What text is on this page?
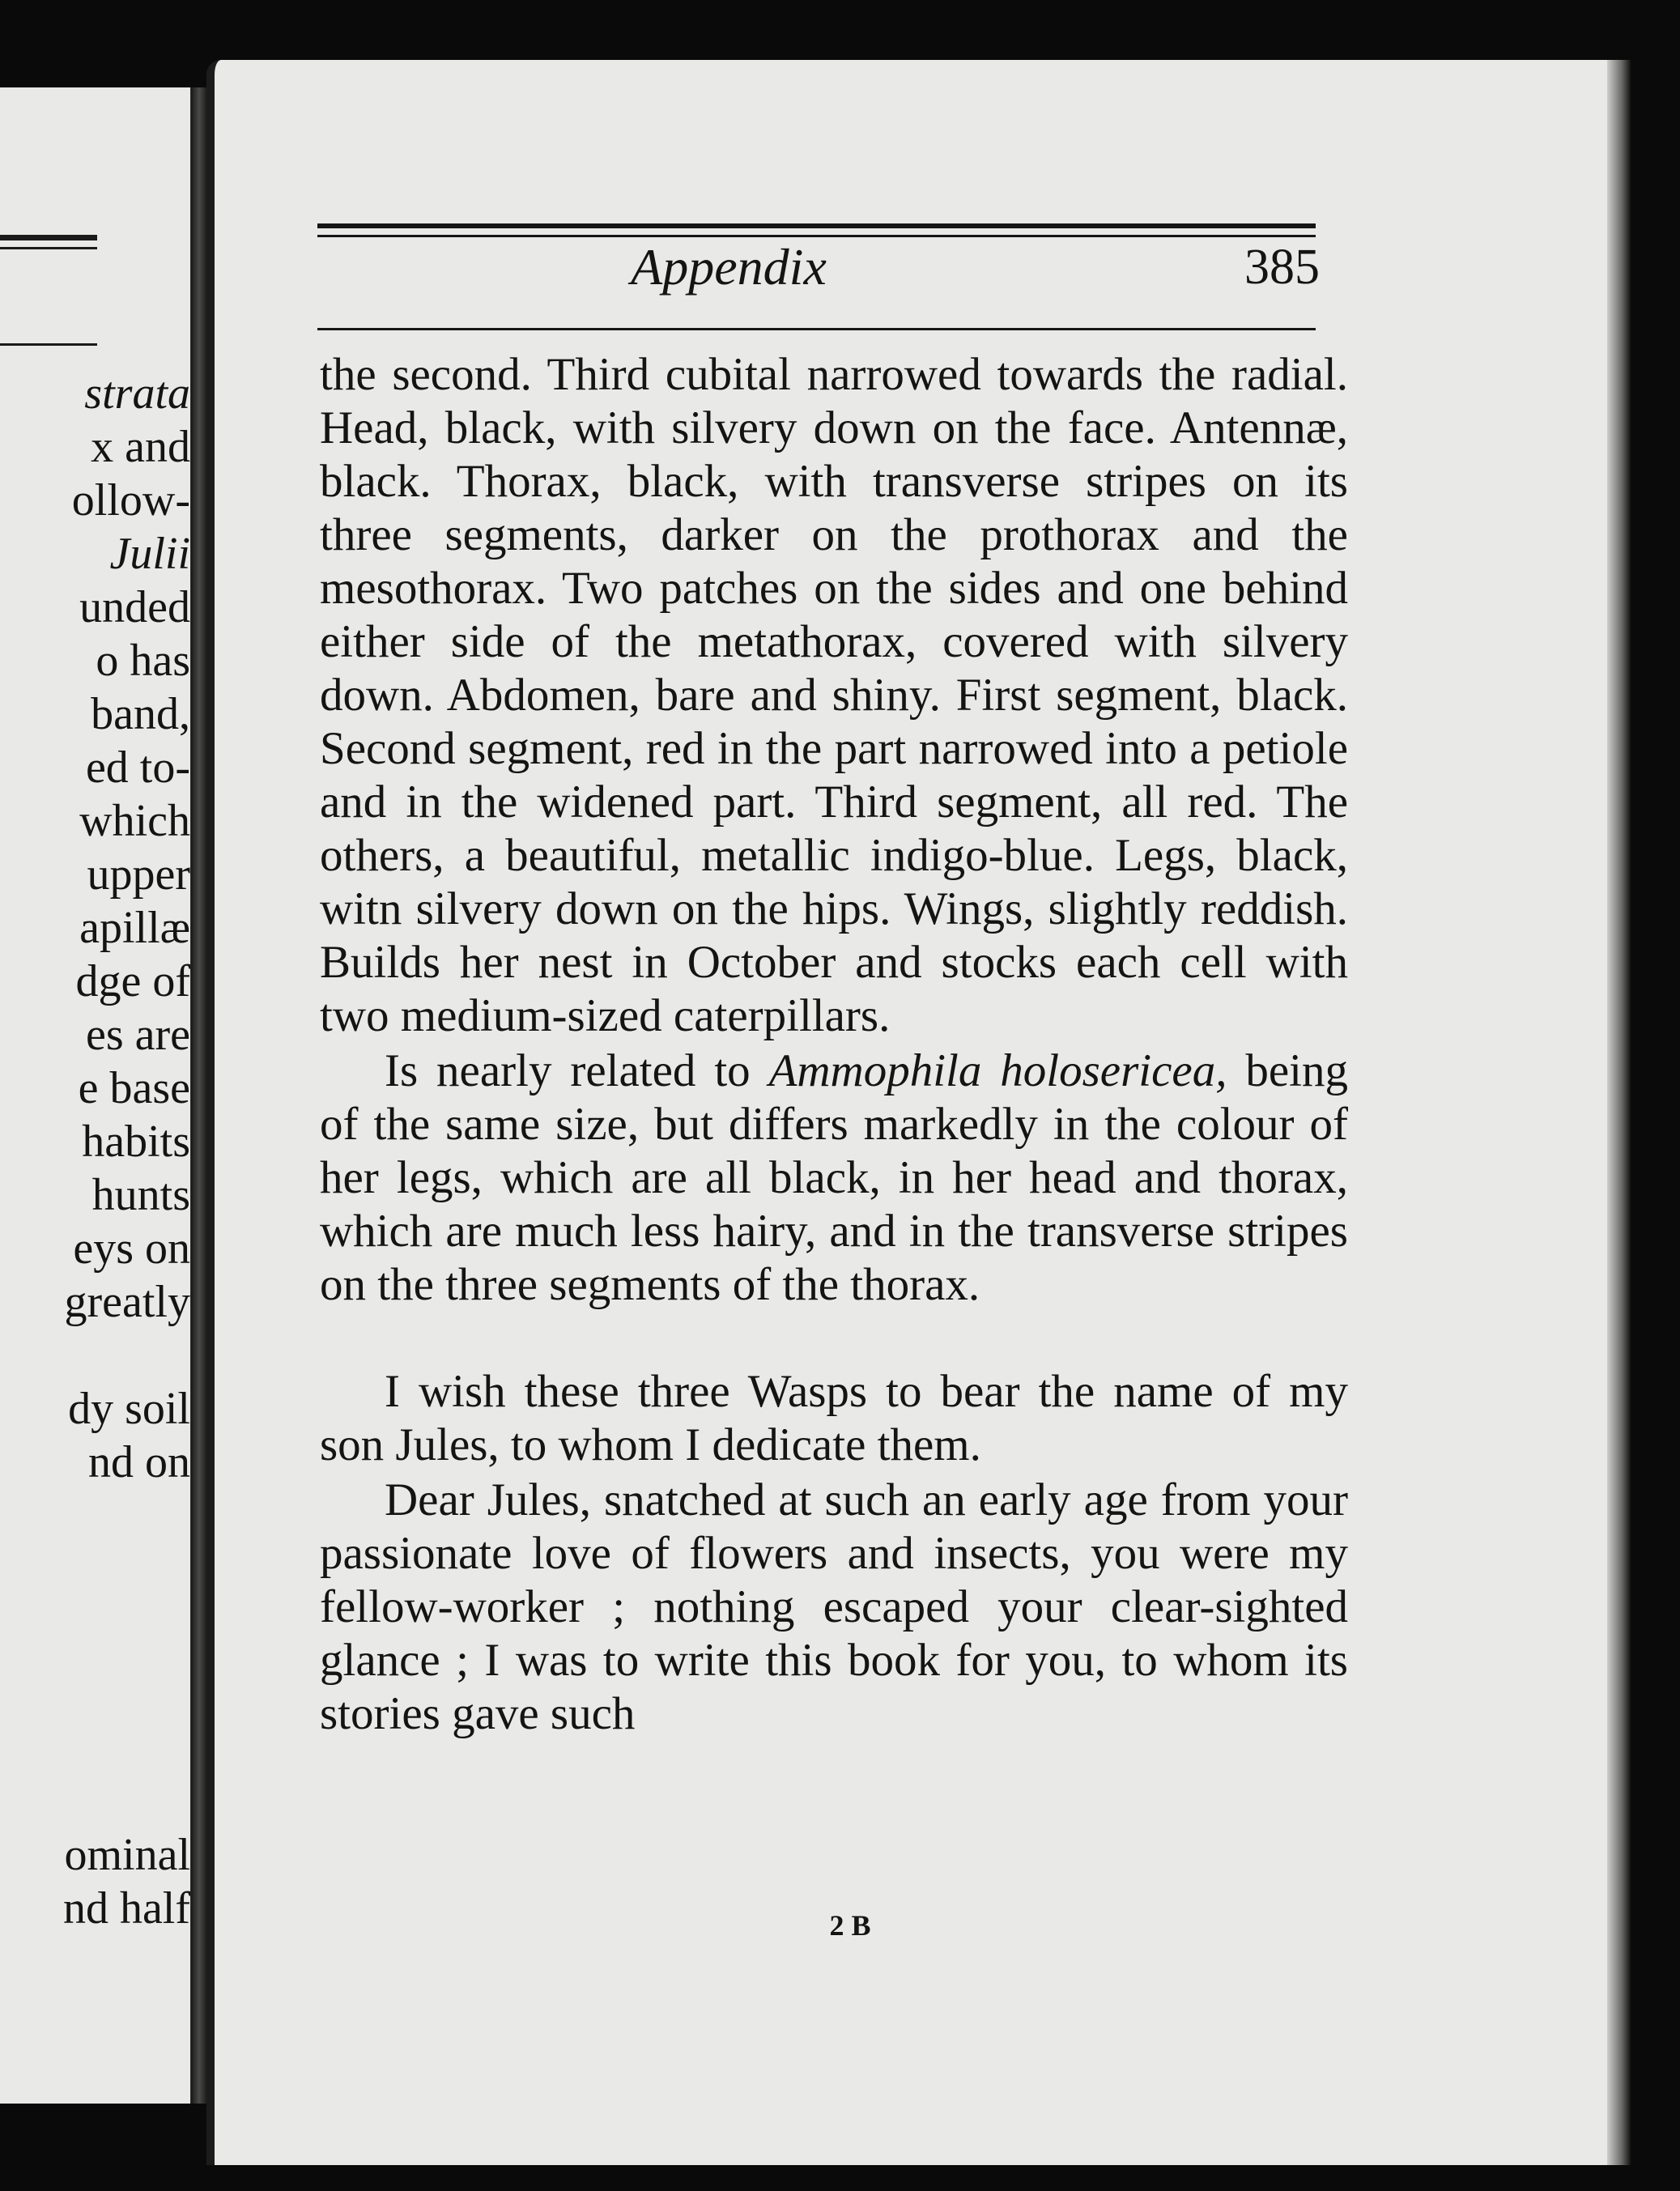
strata
x and
ollow-
Julii
unded
o has
band,
ed to-
which
upper
apillæ
dge of
es are
e base
habits
hunts
eys on
greatly
dy soil
nd on
ominal
nd half
Appendix	385

the second. Third cubital narrowed towards the radial. Head, black, with silvery down on the face. Antennæ, black. Thorax, black, with transverse stripes on its three segments, darker on the prothorax and the mesothorax. Two patches on the sides and one behind either side of the metathorax, covered with silvery down. Abdomen, bare and shiny. First segment, black. Second segment, red in the part narrowed into a petiole and in the widened part. Third segment, all red. The others, a beautiful, metallic indigo-blue. Legs, black, witn silvery down on the hips. Wings, slightly reddish. Builds her nest in October and stocks each cell with two medium-sized caterpillars.

Is nearly related to Ammophila holosericea, being of the same size, but differs markedly in the colour of her legs, which are all black, in her head and thorax, which are much less hairy, and in the transverse stripes on the three segments of the thorax.

I wish these three Wasps to bear the name of my son Jules, to whom I dedicate them.

Dear Jules, snatched at such an early age from your passionate love of flowers and insects, you were my fellow-worker ; nothing escaped your clear-sighted glance ; I was to write this book for you, to whom its stories gave such

2 B
